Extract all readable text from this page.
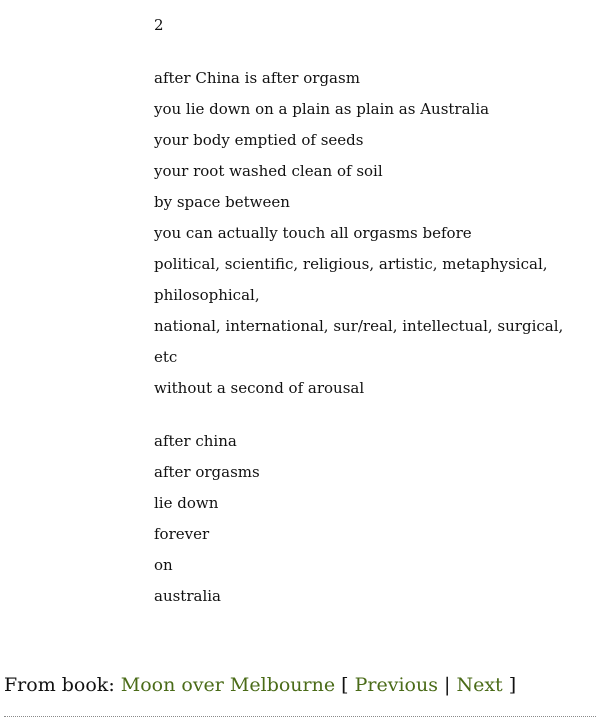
2
after China is after orgasm
you lie down on a plain as plain as Australia
your body emptied of seeds
your root washed clean of soil
by space between
you can actually touch all orgasms before
political, scientific, religious, artistic, metaphysical,
philosophical,
national, international, sur/real, intellectual, surgical,
etc
without a second of arousal
after china
after orgasms
lie down
forever
on
australia
From book: Moon over Melbourne [ Previous | Next ]
